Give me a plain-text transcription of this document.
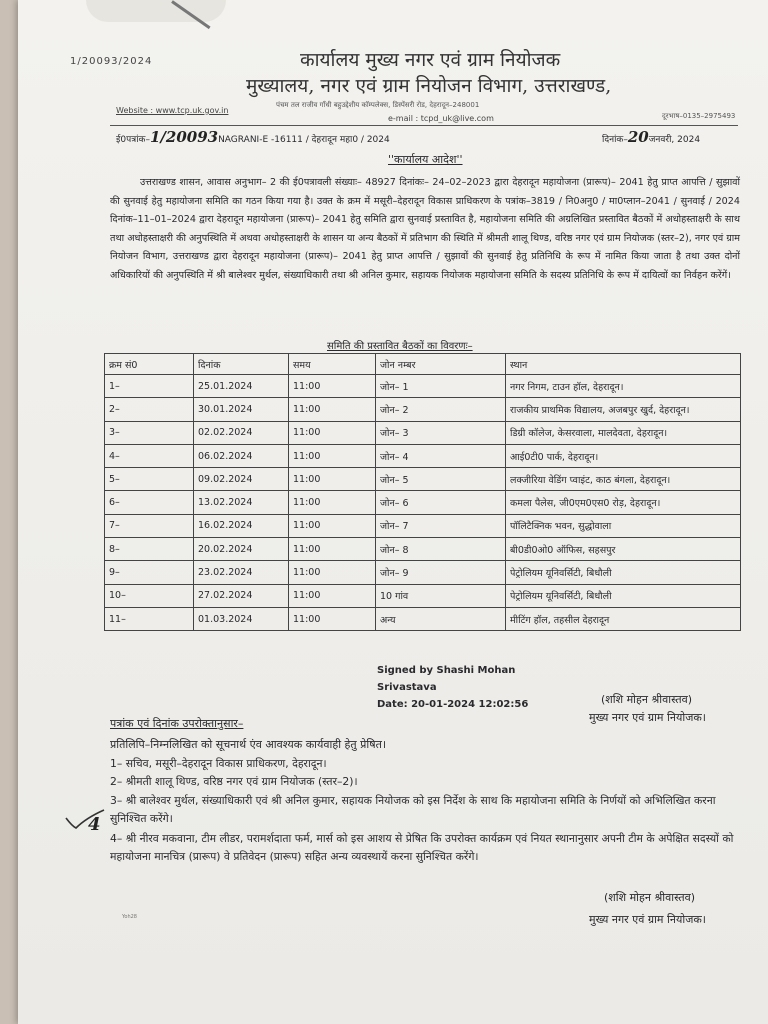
1/20093/2024	कार्यालय मुख्य नगर एवं ग्राम नियोजक
मुख्यालय, नगर एवं ग्राम नियोजन विभाग, उत्तराखण्ड,
पंचम तल राजीव गाँधी बहुउद्देशीय कॉम्पलेक्स, डिस्पेंसरी रोड, देहरादून–248001
Website : www.tcp.uk.gov.in
e-mail : tcpd_uk@live.com	दूरभाष–0135–2975493
ई0पत्रांक–1/20093NAGRANI-E -16111 / देहरादून महा0 / 2024	दिनांक–20जनवरी, 2024
''कार्यालय आदेश''
उत्तराखण्ड शासन, आवास अनुभाग– 2 की ई0पत्रावली संख्याः– 48927 दिनांकः– 24–02–2023 द्वारा देहरादून महायोजना (प्रारूप)– 2041 हेतु प्राप्त आपत्ति / सुझावों की सुनवाई हेतु महायोजना समिति का गठन किया गया है। उक्त के क्रम में मसूरी–देहरादून विकास प्राधिकरण के पत्रांक–3819 / नि0अनु0 / मा0प्लान–2041 / सुनवाई / 2024 दिनांक–11–01–2024 द्वारा देहरादून महायोजना (प्रारूप)– 2041 हेतु समिति द्वारा सुनवाई प्रस्तावित है, महायोजना समिति की अग्रलिखित प्रस्तावित बैठकों में अधोहस्ताक्षरी के साथ तथा अधोहस्ताक्षरी की अनुपस्थिति में अथवा अधोहस्ताक्षरी के शासन या अन्य बैठकों में प्रतिभाग की स्थिति में श्रीमती शालू थिण्ड, वरिष्ठ नगर एवं ग्राम नियोजक (स्तर–2), नगर एवं ग्राम नियोजन विभाग, उत्तराखण्ड द्वारा देहरादून महायोजना (प्रारूप)– 2041 हेतु प्राप्त आपत्ति / सुझावों की सुनवाई हेतु प्रतिनिधि के रूप में नामित किया जाता है तथा उक्त दोनों अधिकारियों की अनुपस्थिति में श्री बालेश्वर मुर्थल, संख्याधिकारी तथा श्री अनिल कुमार, सहायक नियोजक महायोजना समिति के सदस्य प्रतिनिधि के रूप में दायित्वों का निर्वहन करेंगें।
समिति की प्रस्तावित बैठकों का विवरणः–
क्रम सं0	दिनांक	समय	जोन नम्बर	स्थान
1–	25.01.2024	11:00	जोन– 1	नगर निगम, टाउन हॉल, देहरादून।
2–	30.01.2024	11:00	जोन– 2	राजकीय प्राथमिक विद्यालय, अजबपुर खुर्द, देहरादून।
3–	02.02.2024	11:00	जोन– 3	डिग्री कॉलेज, केसरवाला, मालदेवता, देहरादून।
4–	06.02.2024	11:00	जोन– 4	आई0टी0 पार्क, देहरादून।
5–	09.02.2024	11:00	जोन– 5	लक्जीरिया वेडिंग प्वाइंट, काठ बंगला, देहरादून।
6–	13.02.2024	11:00	जोन– 6	कमला पैलेस, जी0एम0एस0 रोड़, देहरादून।
7–	16.02.2024	11:00	जोन– 7	पॉलिटैक्निक भवन, सुद्धोवाला
8–	20.02.2024	11:00	जोन– 8	बी0डी0ओ0 ऑफिस, सहसपुर
9–	23.02.2024	11:00	जोन– 9	पेट्रोलियम यूनिवर्सिटी, बिधौली
10–	27.02.2024	11:00	10 गांव	पेट्रोलियम यूनिवर्सिटी, बिधौली
11–	01.03.2024	11:00	अन्य	मीटिंग हॉल, तहसील देहरादून
Signed by Shashi Mohan
Srivastava
Date: 20-01-2024 12:02:56	(शशि मोहन श्रीवास्तव)
मुख्य नगर एवं ग्राम नियोजक।
पत्रांक एवं दिनांक उपरोक्तानुसार–
प्रतिलिपि–निम्नलिखित को सूचनार्थ एंव आवश्यक कार्यवाही हेतु प्रेषित।
1– सचिव, मसूरी–देहरादून विकास प्राधिकरण, देहरादून।
2– श्रीमती शालू थिण्ड, वरिष्ठ नगर एवं ग्राम नियोजक (स्तर–2)।
3– श्री बालेश्वर मुर्थल, संख्याधिकारी एवं श्री अनिल कुमार, सहायक नियोजक को इस निर्देश के साथ कि महायोजना समिति के निर्णयों को अभिलिखित करना सुनिश्चित करेंगे।
4– श्री नीरव मकवाना, टीम लीडर, परामर्शदाता फर्म, मार्स को इस आशय से प्रेषित कि उपरोक्त कार्यक्रम एवं नियत स्थानानुसार अपनी टीम के अपेक्षित सदस्यों को महायोजना मानचित्र (प्रारूप) वे प्रतिवेदन (प्रारूप) सहित अन्य व्यवस्थायें करना सुनिश्चित करेंगे।
4
(शशि मोहन श्रीवास्तव)
मुख्य नगर एवं ग्राम नियोजक।
Yoh28
